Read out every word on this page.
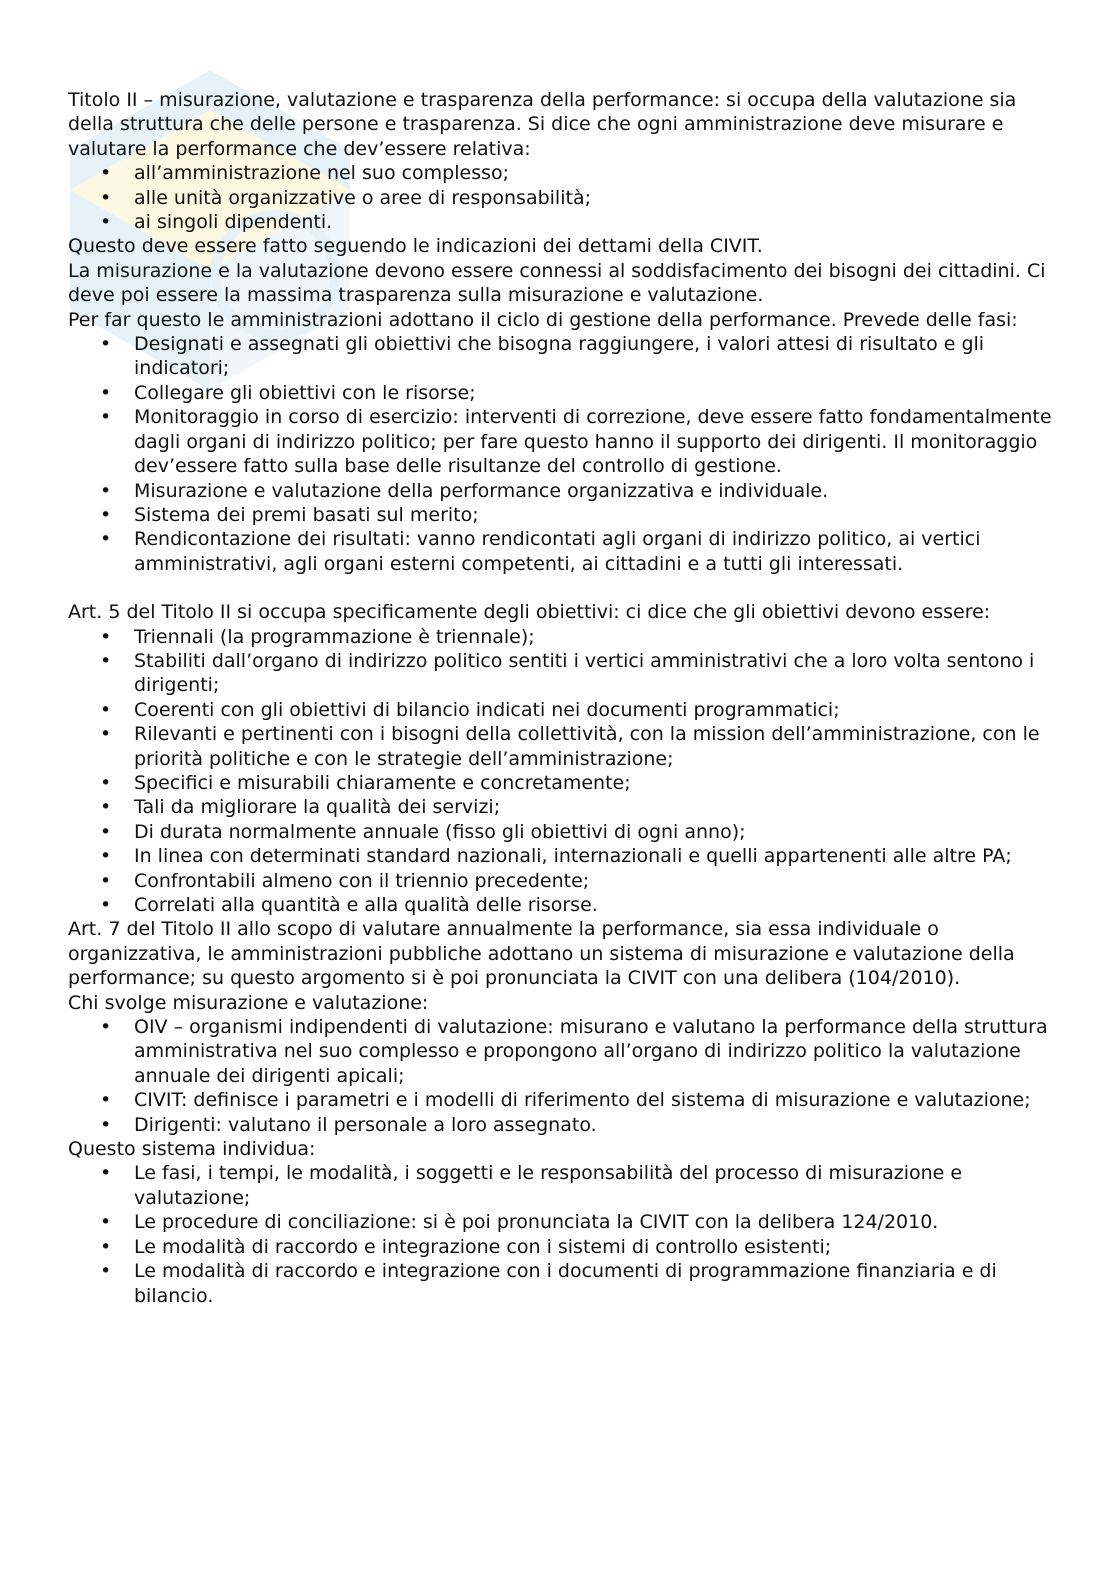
Titolo II – misurazione, valutazione e trasparenza della performance: si occupa della valutazione sia della struttura che delle persone e trasparenza. Si dice che ogni amministrazione deve misurare e valutare la performance che dev’essere relativa:

• all’amministrazione nel suo complesso;
• alle unità organizzative o aree di responsabilità;
• ai singoli dipendenti.

Questo deve essere fatto seguendo le indicazioni dei dettami della CIVIT.

La misurazione e la valutazione devono essere connessi al soddisfacimento dei bisogni dei cittadini. Ci deve poi essere la massima trasparenza sulla misurazione e valutazione.

Per far questo le amministrazioni adottano il ciclo di gestione della performance. Prevede delle fasi:

• Designati e assegnati gli obiettivi che bisogna raggiungere, i valori attesi di risultato e gli indicatori;
• Collegare gli obiettivi con le risorse;
• Monitoraggio in corso di esercizio: interventi di correzione, deve essere fatto fondamentalmente dagli organi di indirizzo politico; per fare questo hanno il supporto dei dirigenti. Il monitoraggio dev’essere fatto sulla base delle risultanze del controllo di gestione.
• Misurazione e valutazione della performance organizzativa e individuale.
• Sistema dei premi basati sul merito;
• Rendicontazione dei risultati: vanno rendicontati agli organi di indirizzo politico, ai vertici amministrativi, agli organi esterni competenti, ai cittadini e a tutti gli interessati.

Art. 5 del Titolo II si occupa specificamente degli obiettivi: ci dice che gli obiettivi devono essere:

• Triennali (la programmazione è triennale);
• Stabiliti dall’organo di indirizzo politico sentiti i vertici amministrativi che a loro volta sentono i dirigenti;
• Coerenti con gli obiettivi di bilancio indicati nei documenti programmatici;
• Rilevanti e pertinenti con i bisogni della collettività, con la mission dell’amministrazione, con le priorità politiche e con le strategie dell’amministrazione;
• Specifici e misurabili chiaramente e concretamente;
• Tali da migliorare la qualità dei servizi;
• Di durata normalmente annuale (fisso gli obiettivi di ogni anno);
• In linea con determinati standard nazionali, internazionali e quelli appartenenti alle altre PA;
• Confrontabili almeno con il triennio precedente;
• Correlati alla quantità e alla qualità delle risorse.

Art. 7 del Titolo II allo scopo di valutare annualmente la performance, sia essa individuale o organizzativa, le amministrazioni pubbliche adottano un sistema di misurazione e valutazione della performance; su questo argomento si è poi pronunciata la CIVIT con una delibera (104/2010).

Chi svolge misurazione e valutazione:

• OIV – organismi indipendenti di valutazione: misurano e valutano la performance della struttura amministrativa nel suo complesso e propongono all’organo di indirizzo politico la valutazione annuale dei dirigenti apicali;
• CIVIT: definisce i parametri e i modelli di riferimento del sistema di misurazione e valutazione;
• Dirigenti: valutano il personale a loro assegnato.

Questo sistema individua:

• Le fasi, i tempi, le modalità, i soggetti e le responsabilità del processo di misurazione e valutazione;
• Le procedure di conciliazione: si è poi pronunciata la CIVIT con la delibera 124/2010.
• Le modalità di raccordo e integrazione con i sistemi di controllo esistenti;
• Le modalità di raccordo e integrazione con i documenti di programmazione finanziaria e di bilancio.
